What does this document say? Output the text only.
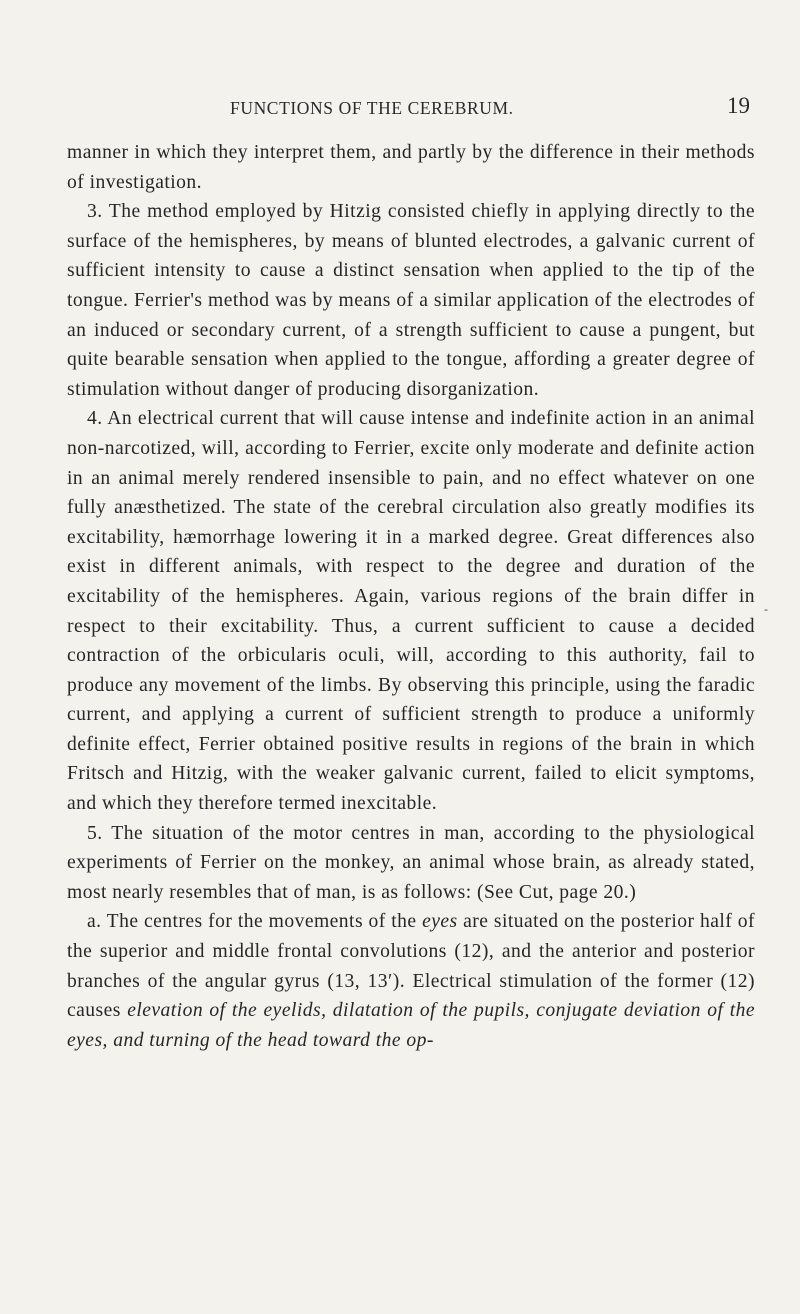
FUNCTIONS OF THE CEREBRUM.	19

manner in which they interpret them, and partly by the difference in their methods of investigation.

3. The method employed by Hitzig consisted chiefly in applying directly to the surface of the hemispheres, by means of blunted electrodes, a galvanic current of sufficient intensity to cause a distinct sensation when applied to the tip of the tongue. Ferrier's method was by means of a similar application of the electrodes of an induced or secondary current, of a strength sufficient to cause a pungent, but quite bearable sensation when applied to the tongue, affording a greater degree of stimulation without danger of producing disorganization.

4. An electrical current that will cause intense and indefinite action in an animal non-narcotized, will, according to Ferrier, excite only moderate and definite action in an animal merely rendered insensible to pain, and no effect whatever on one fully anæsthetized. The state of the cerebral circulation also greatly modifies its excitability, hæmorrhage lowering it in a marked degree. Great differences also exist in different animals, with respect to the degree and duration of the excitability of the hemispheres. Again, various regions of the brain differ in respect to their excitability. Thus, a current sufficient to cause a decided contraction of the orbicularis oculi, will, according to this authority, fail to produce any movement of the limbs. By observing this principle, using the faradic current, and applying a current of sufficient strength to produce a uniformly definite effect, Ferrier obtained positive results in regions of the brain in which Fritsch and Hitzig, with the weaker galvanic current, failed to elicit symptoms, and which they therefore termed inexcitable.

5. The situation of the motor centres in man, according to the physiological experiments of Ferrier on the monkey, an animal whose brain, as already stated, most nearly resembles that of man, is as follows: (See Cut, page 20.)

a. The centres for the movements of the eyes are situated on the posterior half of the superior and middle frontal convolutions (12), and the anterior and posterior branches of the angular gyrus (13, 13′). Electrical stimulation of the former (12) causes elevation of the eyelids, dilatation of the pupils, conjugate deviation of the eyes, and turning of the head toward the op-

-
